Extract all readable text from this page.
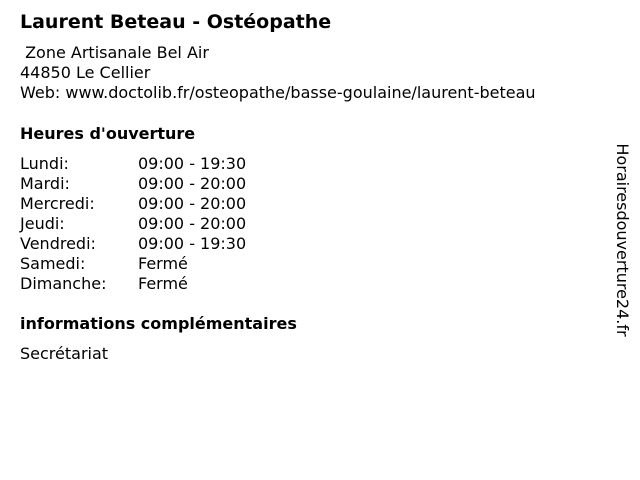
Laurent Beteau - Ostéopathe
Zone Artisanale Bel Air
44850 Le Cellier
Web: www.doctolib.fr/osteopathe/basse-goulaine/laurent-beteau
Heures d'ouverture
Lundi:	09:00 - 19:30
Mardi:	09:00 - 20:00
Mercredi:	09:00 - 20:00
Jeudi:	09:00 - 20:00
Vendredi:	09:00 - 19:30
Samedi:	Fermé
Dimanche:	Fermé
informations complémentaires
Secrétariat
Horairesdouverture24.fr
